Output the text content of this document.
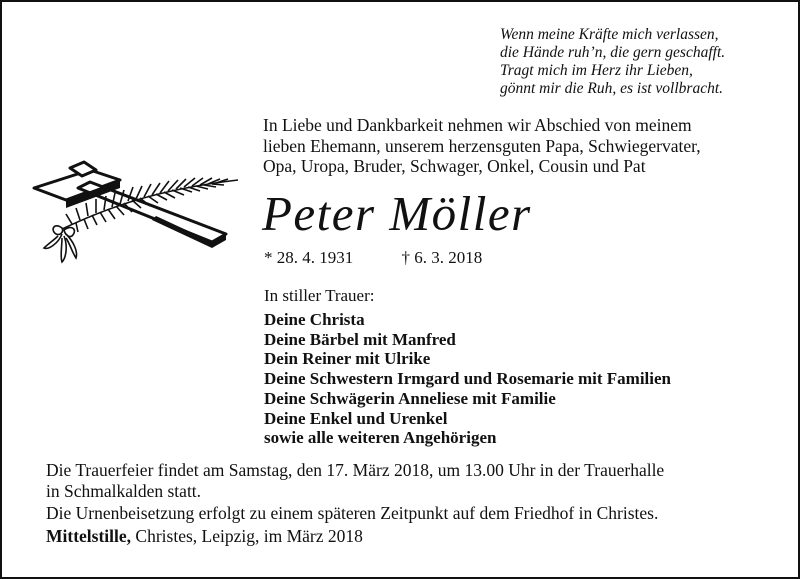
Wenn meine Kräfte mich verlassen,
die Hände ruh’n, die gern geschafft.
Tragt mich im Herz ihr Lieben,
gönnt mir die Ruh, es ist vollbracht.
In Liebe und Dankbarkeit nehmen wir Abschied von meinem
lieben Ehemann, unserem herzensguten Papa, Schwiegervater,
Opa, Uropa, Bruder, Schwager, Onkel, Cousin und Pat
Peter Möller
* 28. 4. 1931	† 6. 3. 2018
In stiller Trauer:
Deine Christa
Deine Bärbel mit Manfred
Dein Reiner mit Ulrike
Deine Schwestern Irmgard und Rosemarie mit Familien
Deine Schwägerin Anneliese mit Familie
Deine Enkel und Urenkel
sowie alle weiteren Angehörigen
Die Trauerfeier findet am Samstag, den 17. März 2018, um 13.00 Uhr in der Trauerhalle
in Schmalkalden statt.
Die Urnenbeisetzung erfolgt zu einem späteren Zeitpunkt auf dem Friedhof in Christes.
Mittelstille, Christes, Leipzig, im März 2018
